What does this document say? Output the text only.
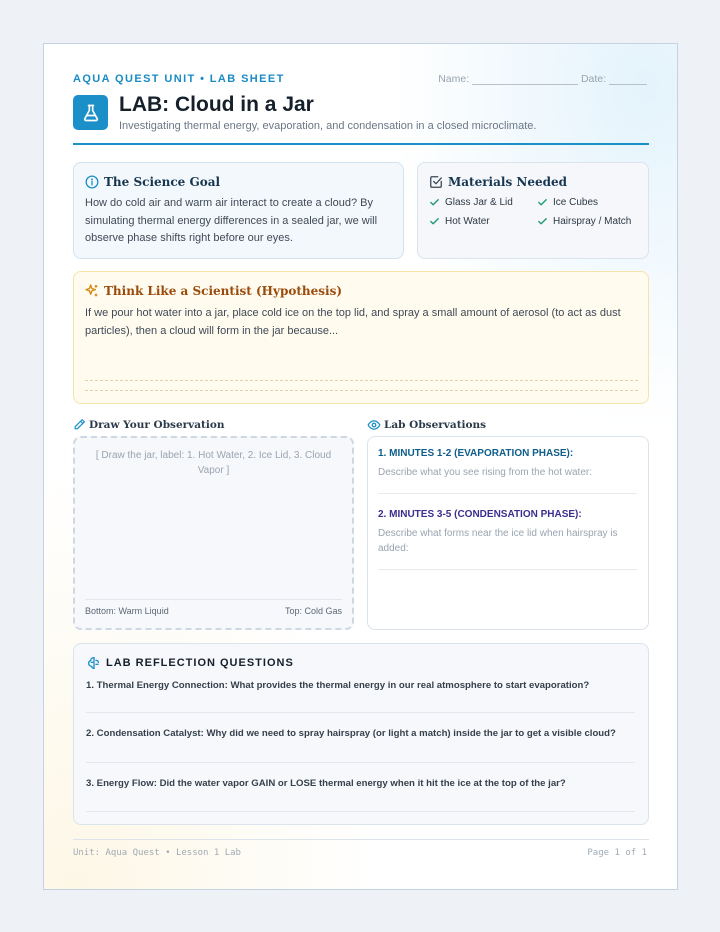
AQUA QUEST UNIT • LAB SHEET	Name:	Date:
LAB: Cloud in a Jar
Investigating thermal energy, evaporation, and condensation in a closed microclimate.
The Science Goal
How do cold air and warm air interact to create a cloud? By simulating thermal energy differences in a sealed jar, we will observe phase shifts right before our eyes.
Materials Needed
Glass Jar & Lid	Ice Cubes
Hot Water	Hairspray / Match
Think Like a Scientist (Hypothesis)
If we pour hot water into a jar, place cold ice on the top lid, and spray a small amount of aerosol (to act as dust particles), then a cloud will form in the jar because...
Draw Your Observation
[ Draw the jar, label: 1. Hot Water, 2. Ice Lid, 3. Cloud Vapor ]
Bottom: Warm Liquid	Top: Cold Gas
Lab Observations
1. MINUTES 1-2 (EVAPORATION PHASE):
Describe what you see rising from the hot water:
2. MINUTES 3-5 (CONDENSATION PHASE):
Describe what forms near the ice lid when hairspray is added:
LAB REFLECTION QUESTIONS
1. Thermal Energy Connection: What provides the thermal energy in our real atmosphere to start evaporation?
2. Condensation Catalyst: Why did we need to spray hairspray (or light a match) inside the jar to get a visible cloud?
3. Energy Flow: Did the water vapor GAIN or LOSE thermal energy when it hit the ice at the top of the jar?
Unit: Aqua Quest • Lesson 1 Lab	Page 1 of 1
